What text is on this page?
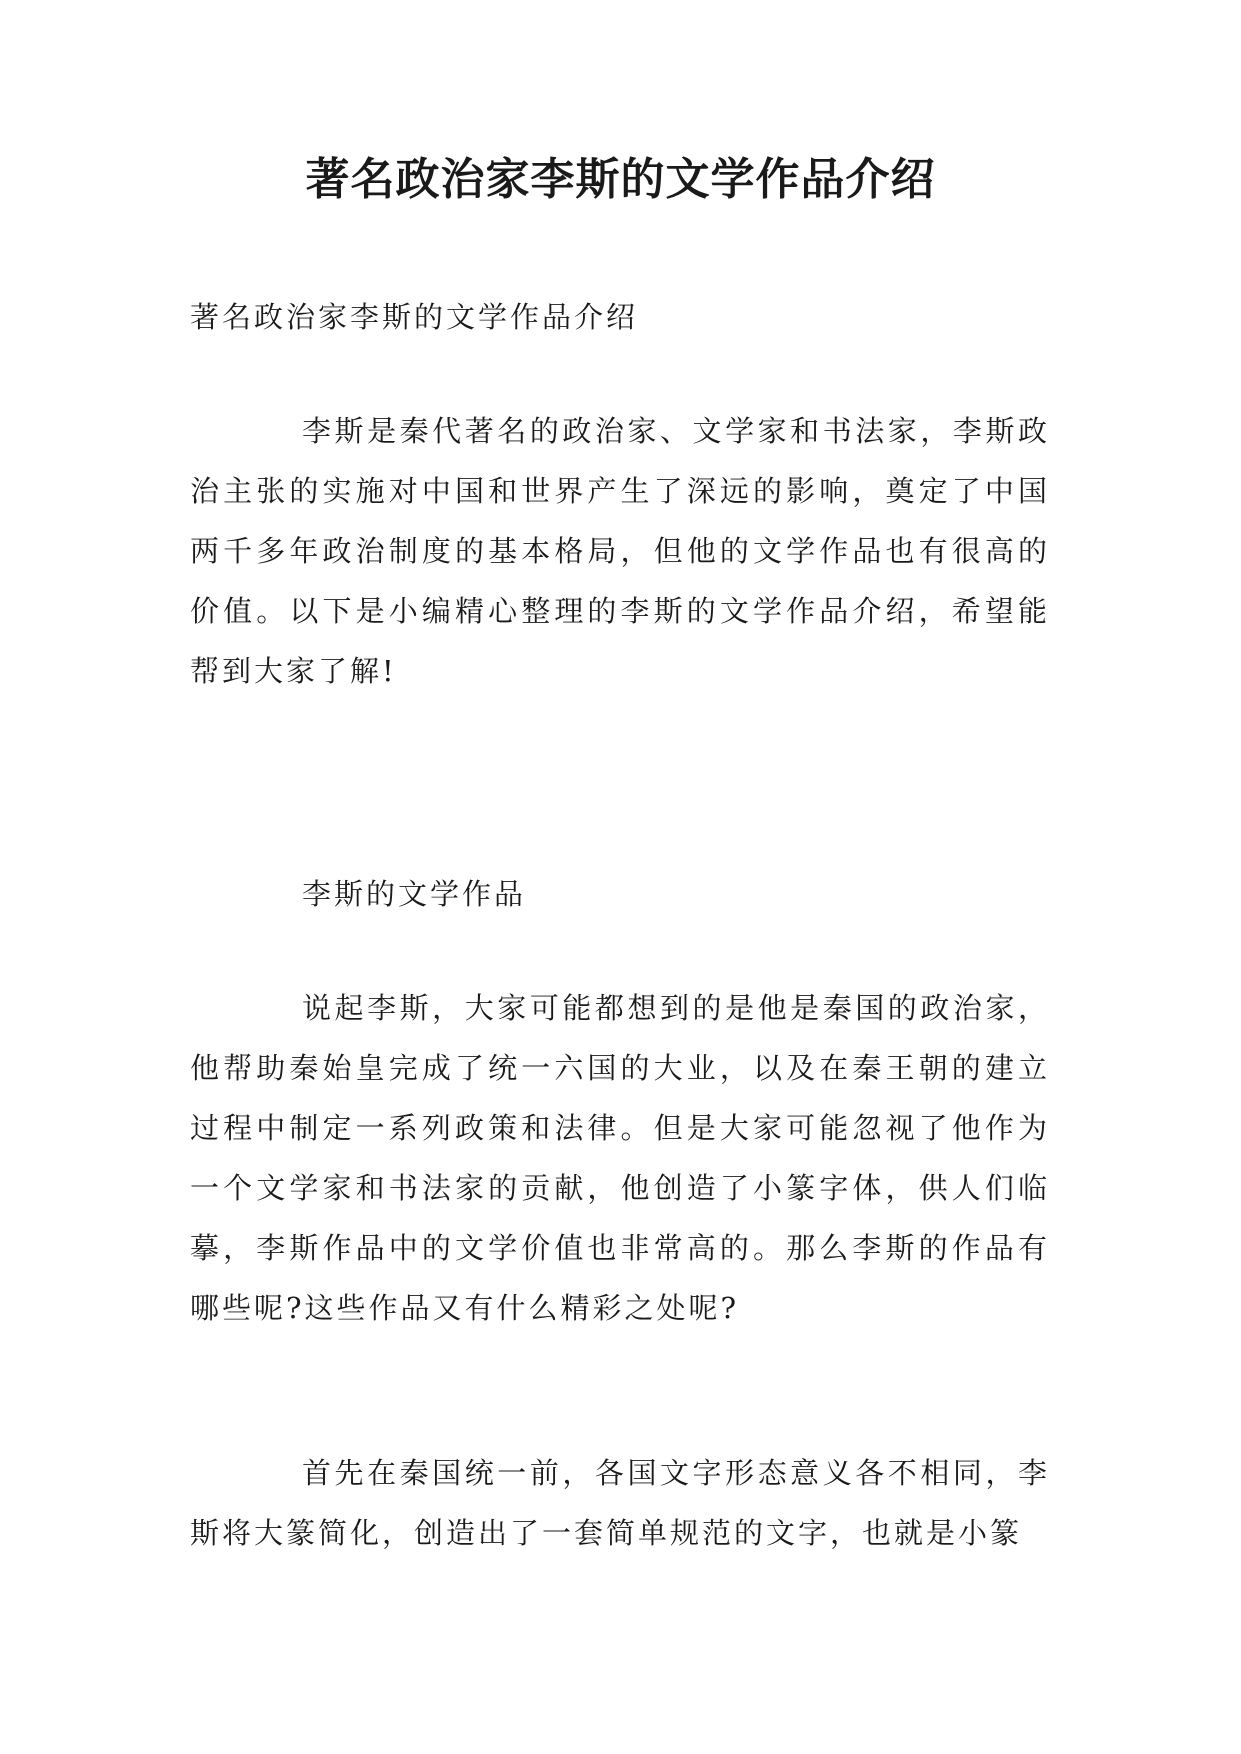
著名政治家李斯的文学作品介绍

著名政治家李斯的文学作品介绍

李斯是秦代著名的政治家、文学家和书法家，李斯政治主张的实施对中国和世界产生了深远的影响，奠定了中国两千多年政治制度的基本格局，但他的文学作品也有很高的价值。以下是小编精心整理的李斯的文学作品介绍，希望能帮到大家了解!

李斯的文学作品

说起李斯，大家可能都想到的是他是秦国的政治家，他帮助秦始皇完成了统一六国的大业，以及在秦王朝的建立过程中制定一系列政策和法律。但是大家可能忽视了他作为一个文学家和书法家的贡献，他创造了小篆字体，供人们临摹，李斯作品中的文学价值也非常高的。那么李斯的作品有哪些呢?这些作品又有什么精彩之处呢?

首先在秦国统一前，各国文字形态意义各不相同，李斯将大篆简化，创造出了一套简单规范的文字，也就是小篆
